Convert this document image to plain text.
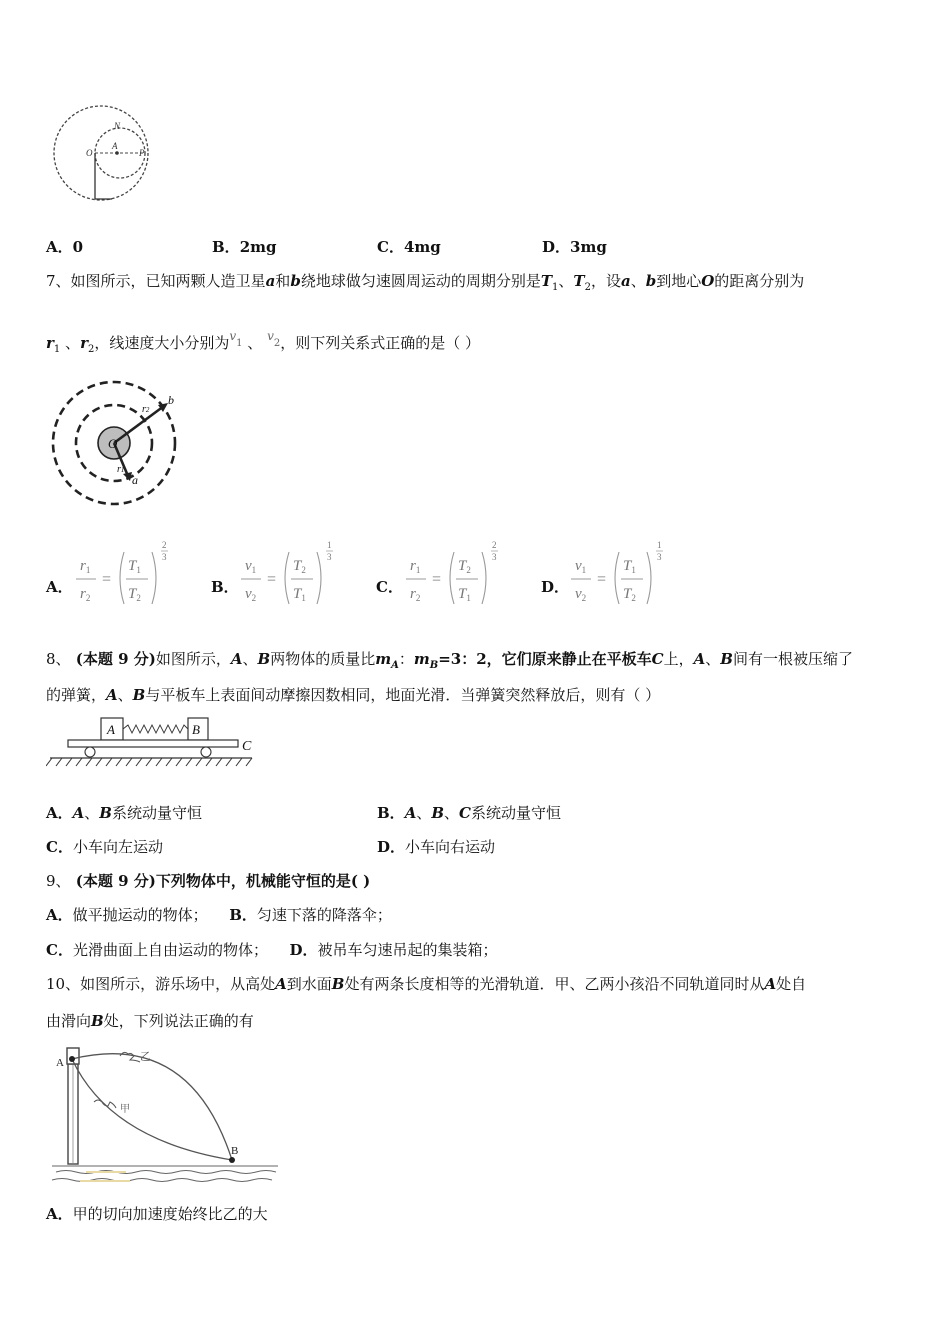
N
A
O	P
A．0	B．2mg	C．4mg	D．3mg
7、如图所示，已知两颗人造卫星a和b绕地球做匀速圆周运动的周期分别是$T_1$、$T_2$，设a、b到地心O的距离分别为
$r_1$ 、$r_2$，线速度大小分别为$^v_1$ 、 $^v_2$，则下列关系式正确的是（ ）
O
b
a
r2
r1
A．
$r_1$
$r_2$
=
$T_1$
$T_2$
2
3
B．
$v_1$
$v_2$
=
$T_2$
$T_1$
1
3
C．
$r_1$
$r_2$
=
$T_2$
$T_1$
2
3
D．
$v_1$
$v_2$
=
$T_1$
$T_2$
1
3
8、 (本题 9 分)如图所示，A、B两物体的质量比$m_A$：$m_B=3$：2，它们原来静止在平板车C上，A、B间有一根被压缩了
的弹簧，A、B与平板车上表面间动摩擦因数相同，地面光滑．当弹簧突然释放后，则有（ ）
A	B
C
A．A、B系统动量守恒	B．A、B、C系统动量守恒
C．小车向左运动	D．小车向右运动
9、 (本题 9 分)下列物体中，机械能守恒的是( )
A．做平抛运动的物体； B．匀速下落的降落伞；
C．光滑曲面上自由运动的物体； D．被吊车匀速吊起的集装箱；
10、如图所示，游乐场中，从高处A到水面B处有两条长度相等的光滑轨道．甲、乙两小孩沿不同轨道同时从A处自
由滑向B处，下列说法正确的有
A
B
乙
甲
A．甲的切向加速度始终比乙的大
